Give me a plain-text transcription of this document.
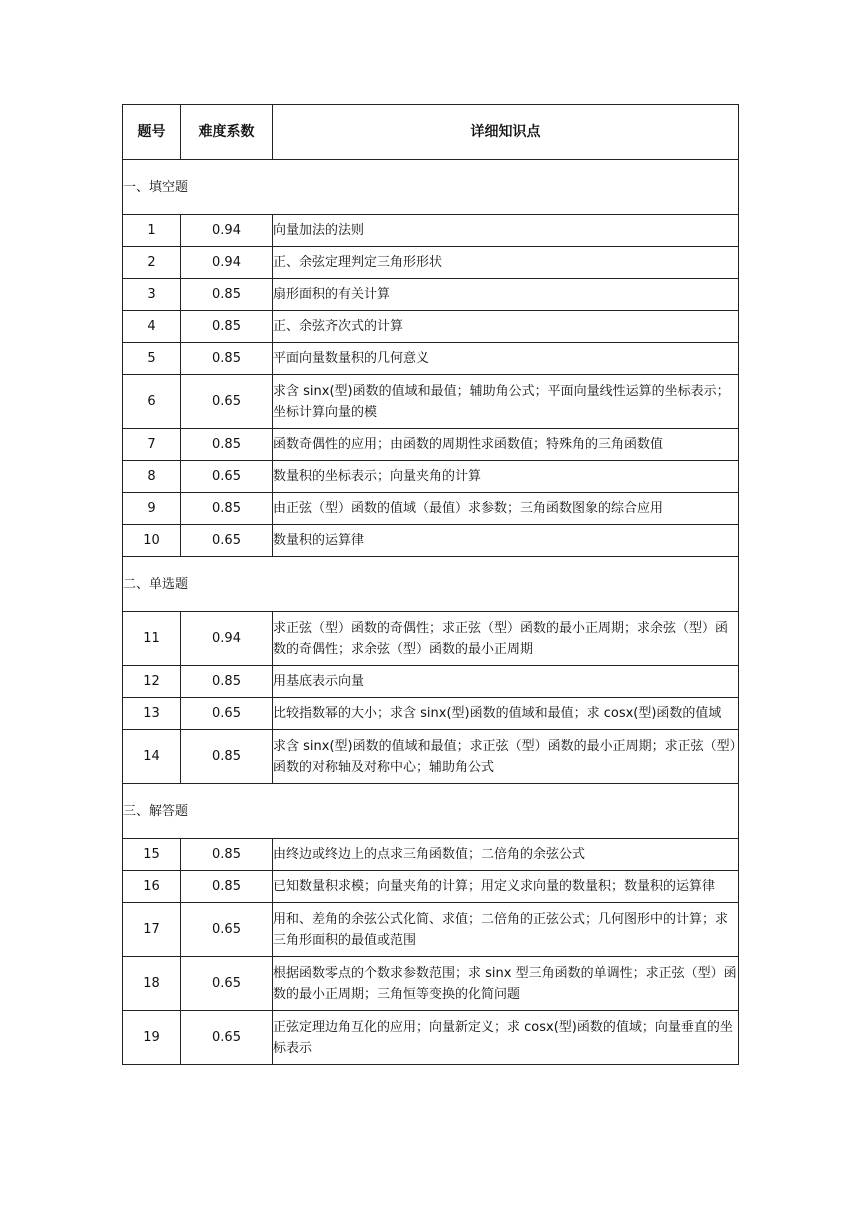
题号	难度系数	详细知识点
一、填空题		
1	0.94	向量加法的法则
2	0.94	正、余弦定理判定三角形形状
3	0.85	扇形面积的有关计算
4	0.85	正、余弦齐次式的计算
5	0.85	平面向量数量积的几何意义
6	0.65	求含 sinx(型)函数的值域和最值；辅助角公式；平面向量线性运算的坐标表示；坐标计算向量的模
7	0.85	函数奇偶性的应用；由函数的周期性求函数值；特殊角的三角函数值
8	0.65	数量积的坐标表示；向量夹角的计算
9	0.85	由正弦（型）函数的值域（最值）求参数；三角函数图象的综合应用
10	0.65	数量积的运算律
二、单选题		
11	0.94	求正弦（型）函数的奇偶性；求正弦（型）函数的最小正周期；求余弦（型）函数的奇偶性；求余弦（型）函数的最小正周期
12	0.85	用基底表示向量
13	0.65	比较指数幂的大小；求含 sinx(型)函数的值域和最值；求 cosx(型)函数的值域
14	0.85	求含 sinx(型)函数的值域和最值；求正弦（型）函数的最小正周期；求正弦（型）函数的对称轴及对称中心；辅助角公式
三、解答题		
15	0.85	由终边或终边上的点求三角函数值；二倍角的余弦公式
16	0.85	已知数量积求模；向量夹角的计算；用定义求向量的数量积；数量积的运算律
17	0.65	用和、差角的余弦公式化简、求值；二倍角的正弦公式；几何图形中的计算；求三角形面积的最值或范围
18	0.65	根据函数零点的个数求参数范围；求 sinx 型三角函数的单调性；求正弦（型）函数的最小正周期；三角恒等变换的化简问题
19	0.65	正弦定理边角互化的应用；向量新定义；求 cosx(型)函数的值域；向量垂直的坐标表示
